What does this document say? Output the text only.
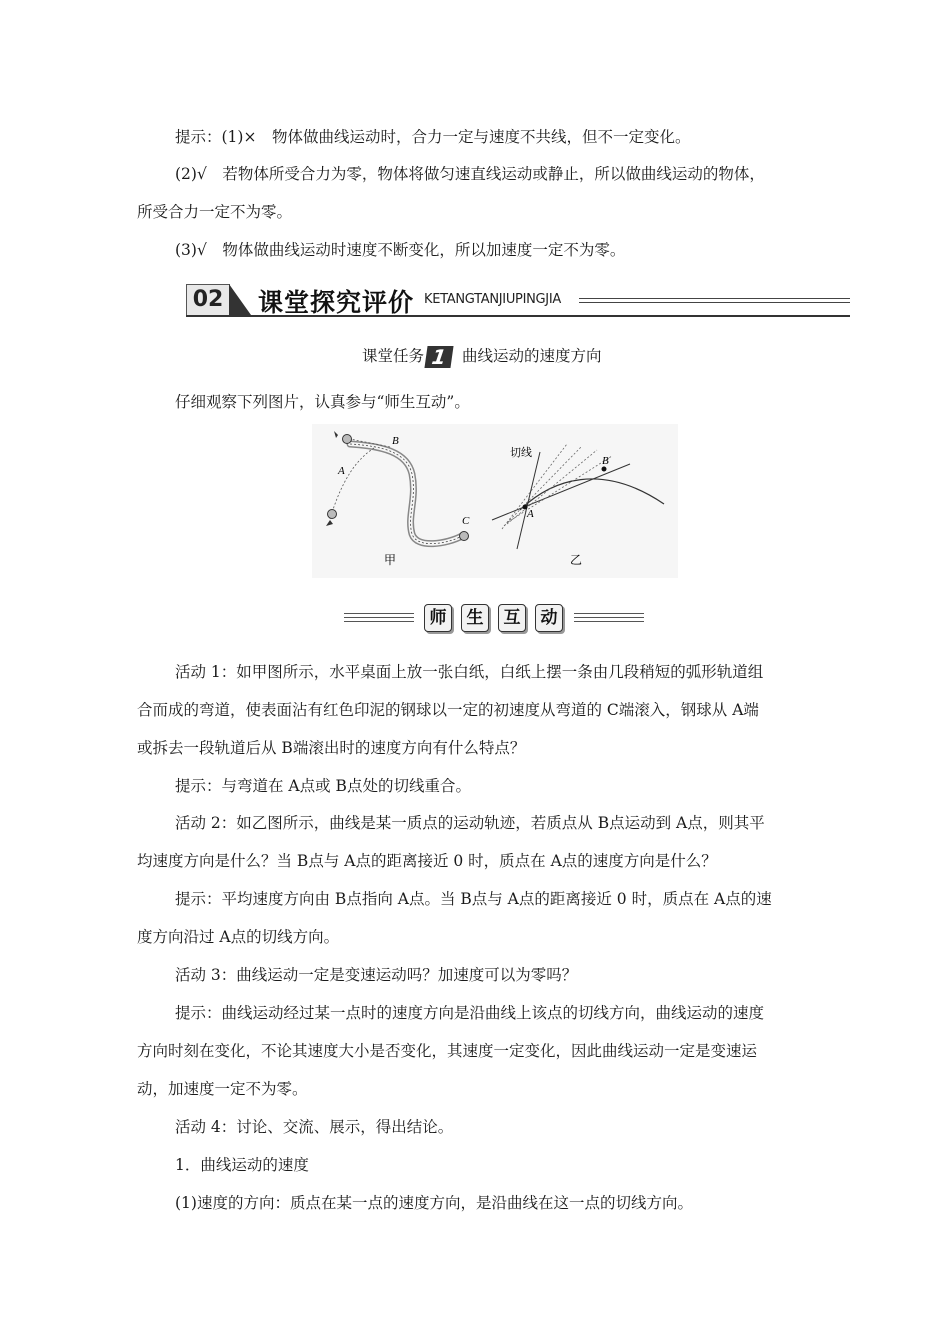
提示：(1)×　物体做曲线运动时，合力一定与速度不共线，但不一定变化。
(2)√　若物体所受合力为零，物体将做匀速直线运动或静止，所以做曲线运动的物体，
所受合力一定不为零。
(3)√　物体做曲线运动时速度不断变化，所以加速度一定不为零。
02 课堂探究评价 KETANGTANJIUPINGJIA
课堂任务 1 曲线运动的速度方向
仔细观察下列图片，认真参与“师生互动”。
B
A
C
甲
切线
A
B
乙
师	生	互	动
活动 1：如甲图所示，水平桌面上放一张白纸，白纸上摆一条由几段稍短的弧形轨道组
合而成的弯道，使表面沾有红色印泥的钢球以一定的初速度从弯道的 C端滚入，钢球从 A端
或拆去一段轨道后从 B端滚出时的速度方向有什么特点？
提示：与弯道在 A点或 B点处的切线重合。
活动 2：如乙图所示，曲线是某一质点的运动轨迹，若质点从 B点运动到 A点，则其平
均速度方向是什么？当 B点与 A点的距离接近 0 时，质点在 A点的速度方向是什么？
提示：平均速度方向由 B点指向 A点。当 B点与 A点的距离接近 0 时，质点在 A点的速
度方向沿过 A点的切线方向。
活动 3：曲线运动一定是变速运动吗？加速度可以为零吗？
提示：曲线运动经过某一点时的速度方向是沿曲线上该点的切线方向，曲线运动的速度
方向时刻在变化，不论其速度大小是否变化，其速度一定变化，因此曲线运动一定是变速运
动，加速度一定不为零。
活动 4：讨论、交流、展示，得出结论。
1．曲线运动的速度
(1)速度的方向：质点在某一点的速度方向，是沿曲线在这一点的切线方向。
